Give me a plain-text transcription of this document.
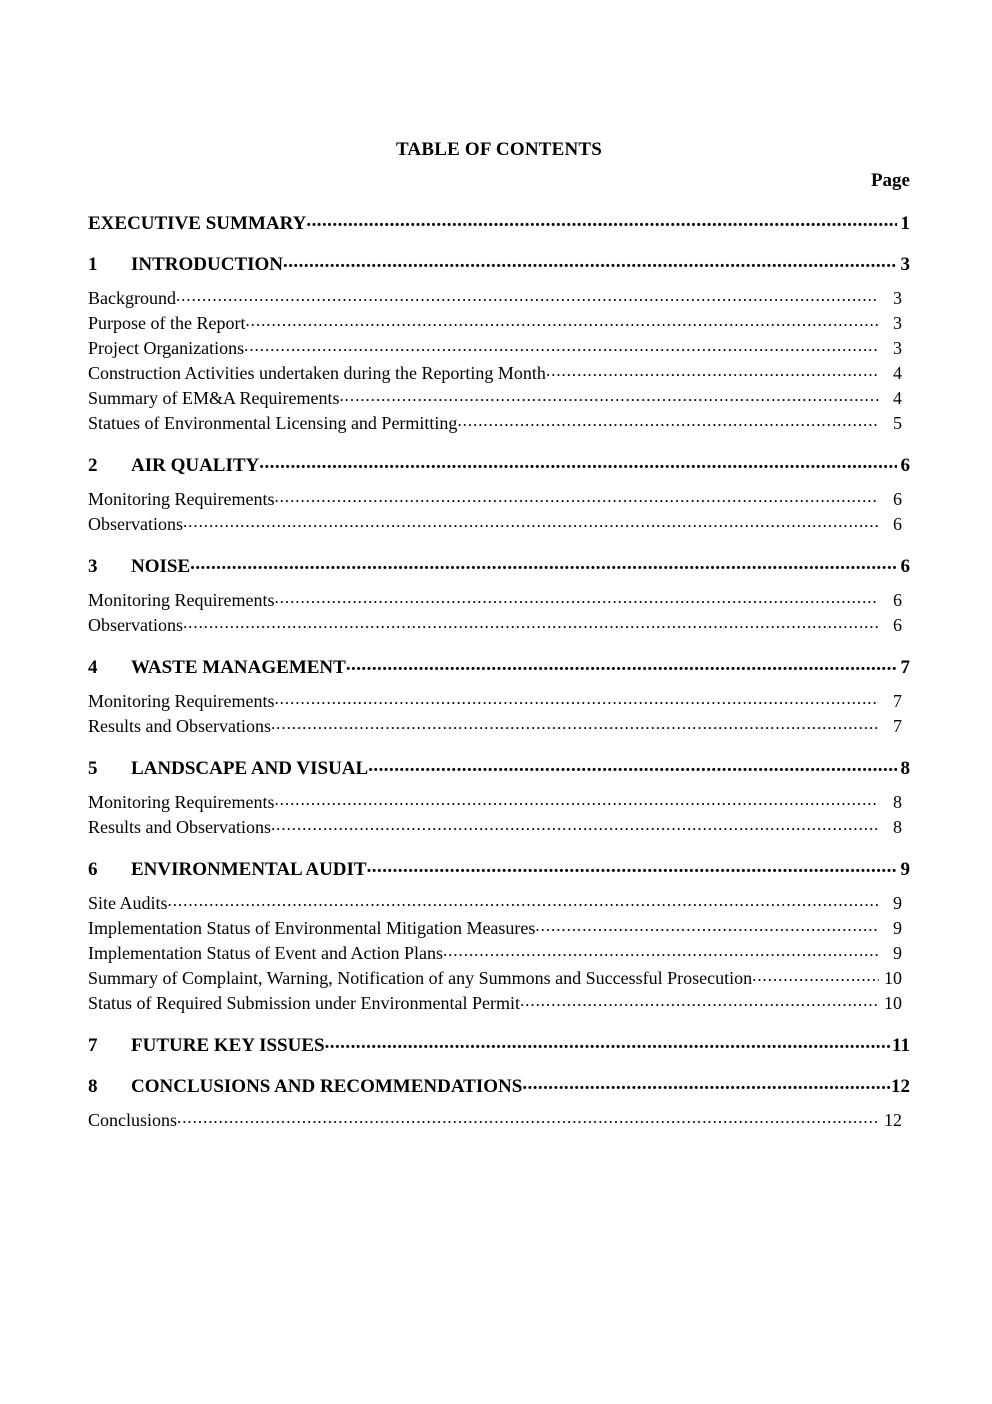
TABLE OF CONTENTS
Page
EXECUTIVE SUMMARY .....	1
1	INTRODUCTION .....	3
Background .....	3
Purpose of the Report .....	3
Project Organizations .....	3
Construction Activities undertaken during the Reporting Month .....	4
Summary of EM&A Requirements .....	4
Statues of Environmental Licensing and Permitting .....	5
2	AIR QUALITY .....	6
Monitoring Requirements .....	6
Observations .....	6
3	NOISE .....	6
Monitoring Requirements .....	6
Observations .....	6
4	WASTE MANAGEMENT .....	7
Monitoring Requirements .....	7
Results and Observations .....	7
5	LANDSCAPE AND VISUAL .....	8
Monitoring Requirements .....	8
Results and Observations .....	8
6	ENVIRONMENTAL AUDIT .....	9
Site Audits .....	9
Implementation Status of Environmental Mitigation Measures .....	9
Implementation Status of Event and Action Plans .....	9
Summary of Complaint, Warning, Notification of any Summons and Successful Prosecution .....	10
Status of Required Submission under Environmental Permit .....	10
7	FUTURE KEY ISSUES .....	11
8	CONCLUSIONS AND RECOMMENDATIONS .....	12
Conclusions .....	12
